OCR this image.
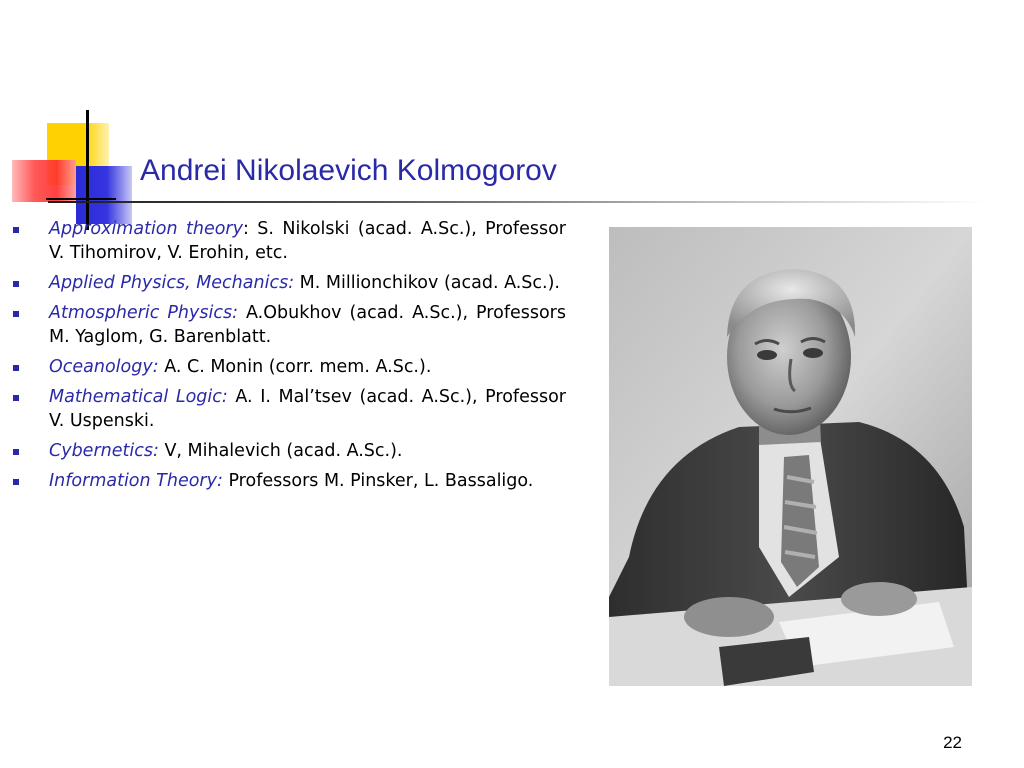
Andrei Nikolaevich Kolmogorov
Approximation theory: S. Nikolski (acad. A.Sc.), Professor V. Tihomirov, V. Erohin, etc.
Applied Physics, Mechanics: M. Millionchikov (acad. A.Sc.).
Atmospheric Physics: A.Obukhov (acad. A.Sc.), Professors M. Yaglom, G. Barenblatt.
Oceanology: A. C. Monin (corr. mem. A.Sc.).
Mathematical Logic: A. I. Mal’tsev (acad. A.Sc.), Professor V. Uspenski.
Cybernetics: V, Mihalevich (acad. A.Sc.).
Information Theory: Professors M. Pinsker, L. Bassaligo.
22
